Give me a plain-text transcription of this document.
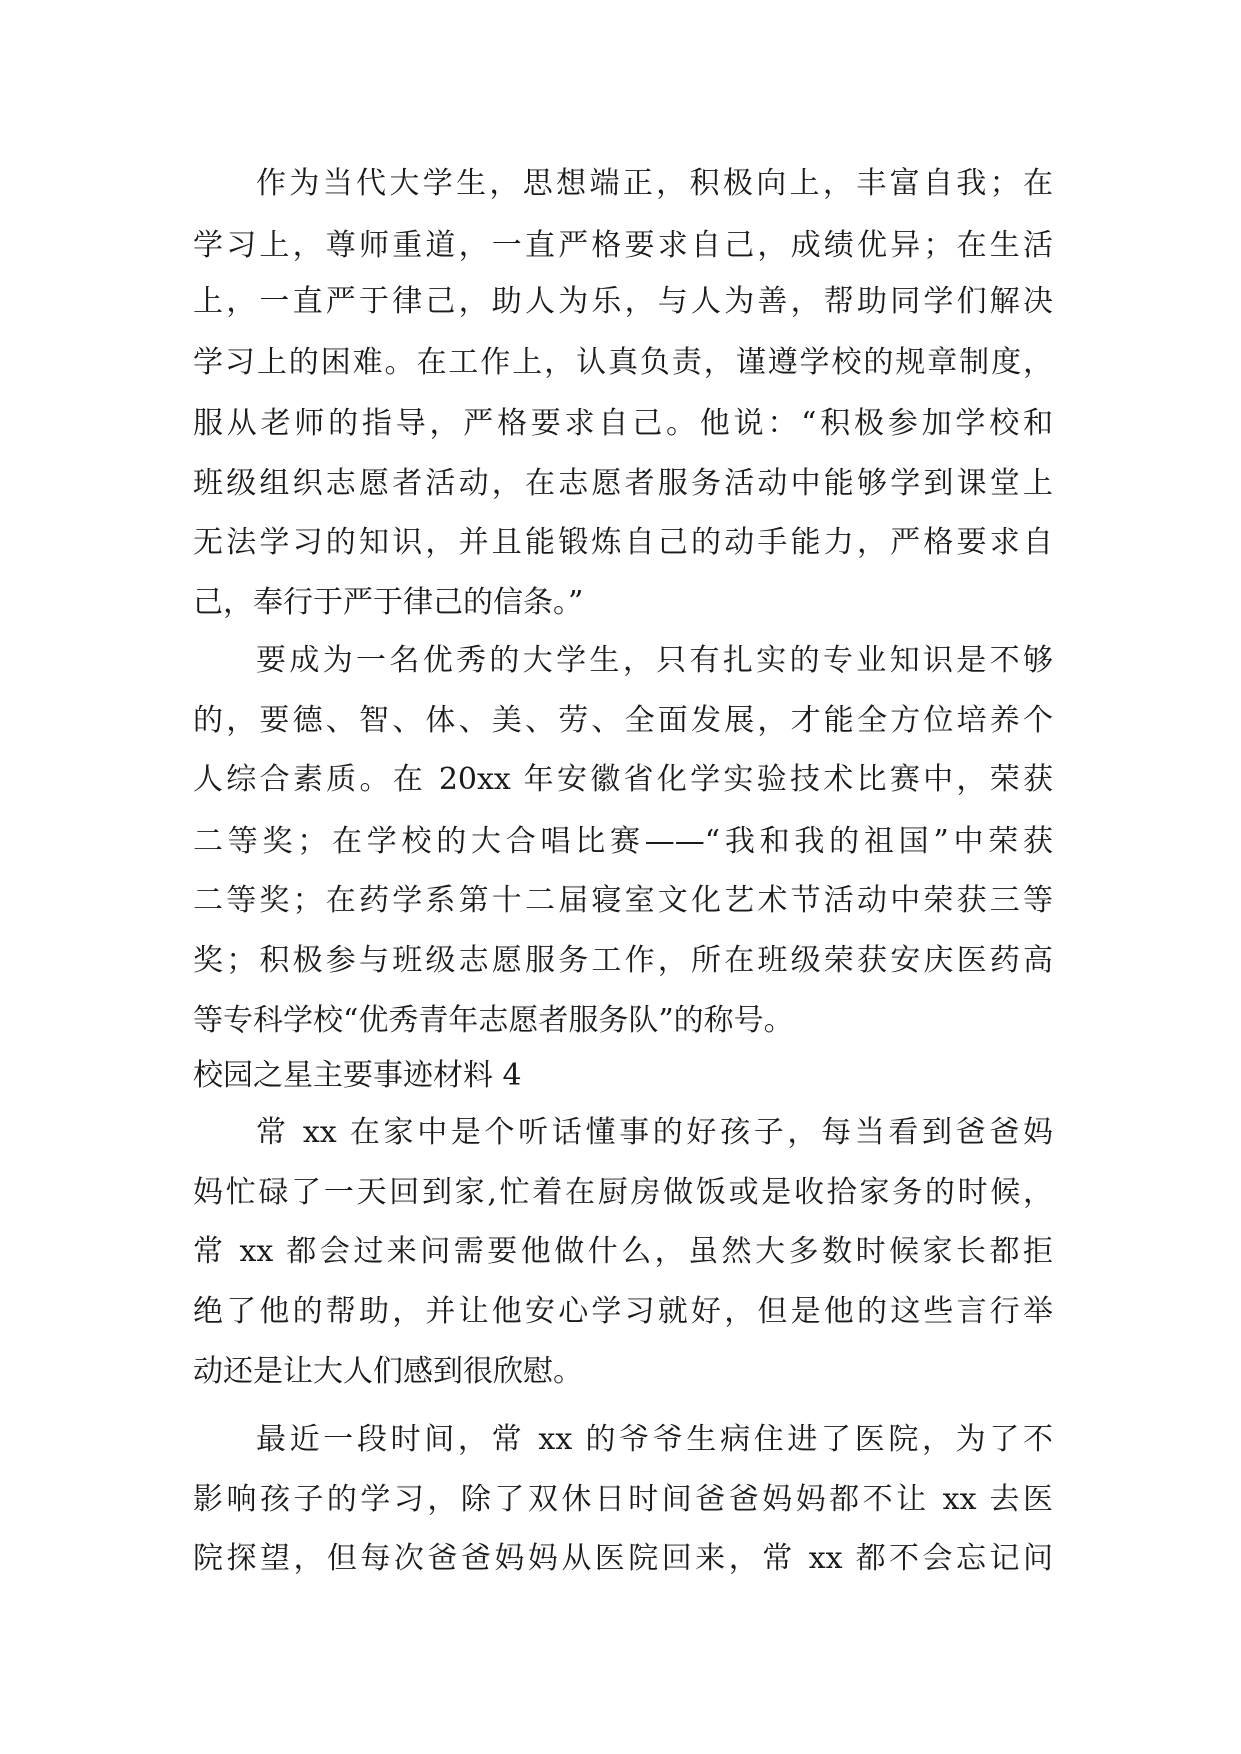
作为当代大学生，思想端正，积极向上，丰富自我；在
学习上，尊师重道，一直严格要求自己，成绩优异；在生活
上，一直严于律己，助人为乐，与人为善，帮助同学们解决
学习上的困难。在工作上，认真负责，谨遵学校的规章制度，
服从老师的指导，严格要求自己。他说：“积极参加学校和
班级组织志愿者活动，在志愿者服务活动中能够学到课堂上
无法学习的知识，并且能锻炼自己的动手能力，严格要求自
己，奉行于严于律己的信条。”
要成为一名优秀的大学生，只有扎实的专业知识是不够
的，要德、智、体、美、劳、全面发展，才能全方位培养个
人综合素质。在 20xx 年安徽省化学实验技术比赛中，荣获
二等奖；在学校的大合唱比赛——“我和我的祖国”中荣获
二等奖；在药学系第十二届寝室文化艺术节活动中荣获三等
奖；积极参与班级志愿服务工作，所在班级荣获安庆医药高
等专科学校“优秀青年志愿者服务队”的称号。
校园之星主要事迹材料 4
常 xx 在家中是个听话懂事的好孩子，每当看到爸爸妈
妈忙碌了一天回到家,忙着在厨房做饭或是收拾家务的时候，
常 xx 都会过来问需要他做什么，虽然大多数时候家长都拒
绝了他的帮助，并让他安心学习就好，但是他的这些言行举
动还是让大人们感到很欣慰。
最近一段时间，常 xx 的爷爷生病住进了医院，为了不
影响孩子的学习，除了双休日时间爸爸妈妈都不让 xx 去医
院探望，但每次爸爸妈妈从医院回来，常 xx 都不会忘记问
